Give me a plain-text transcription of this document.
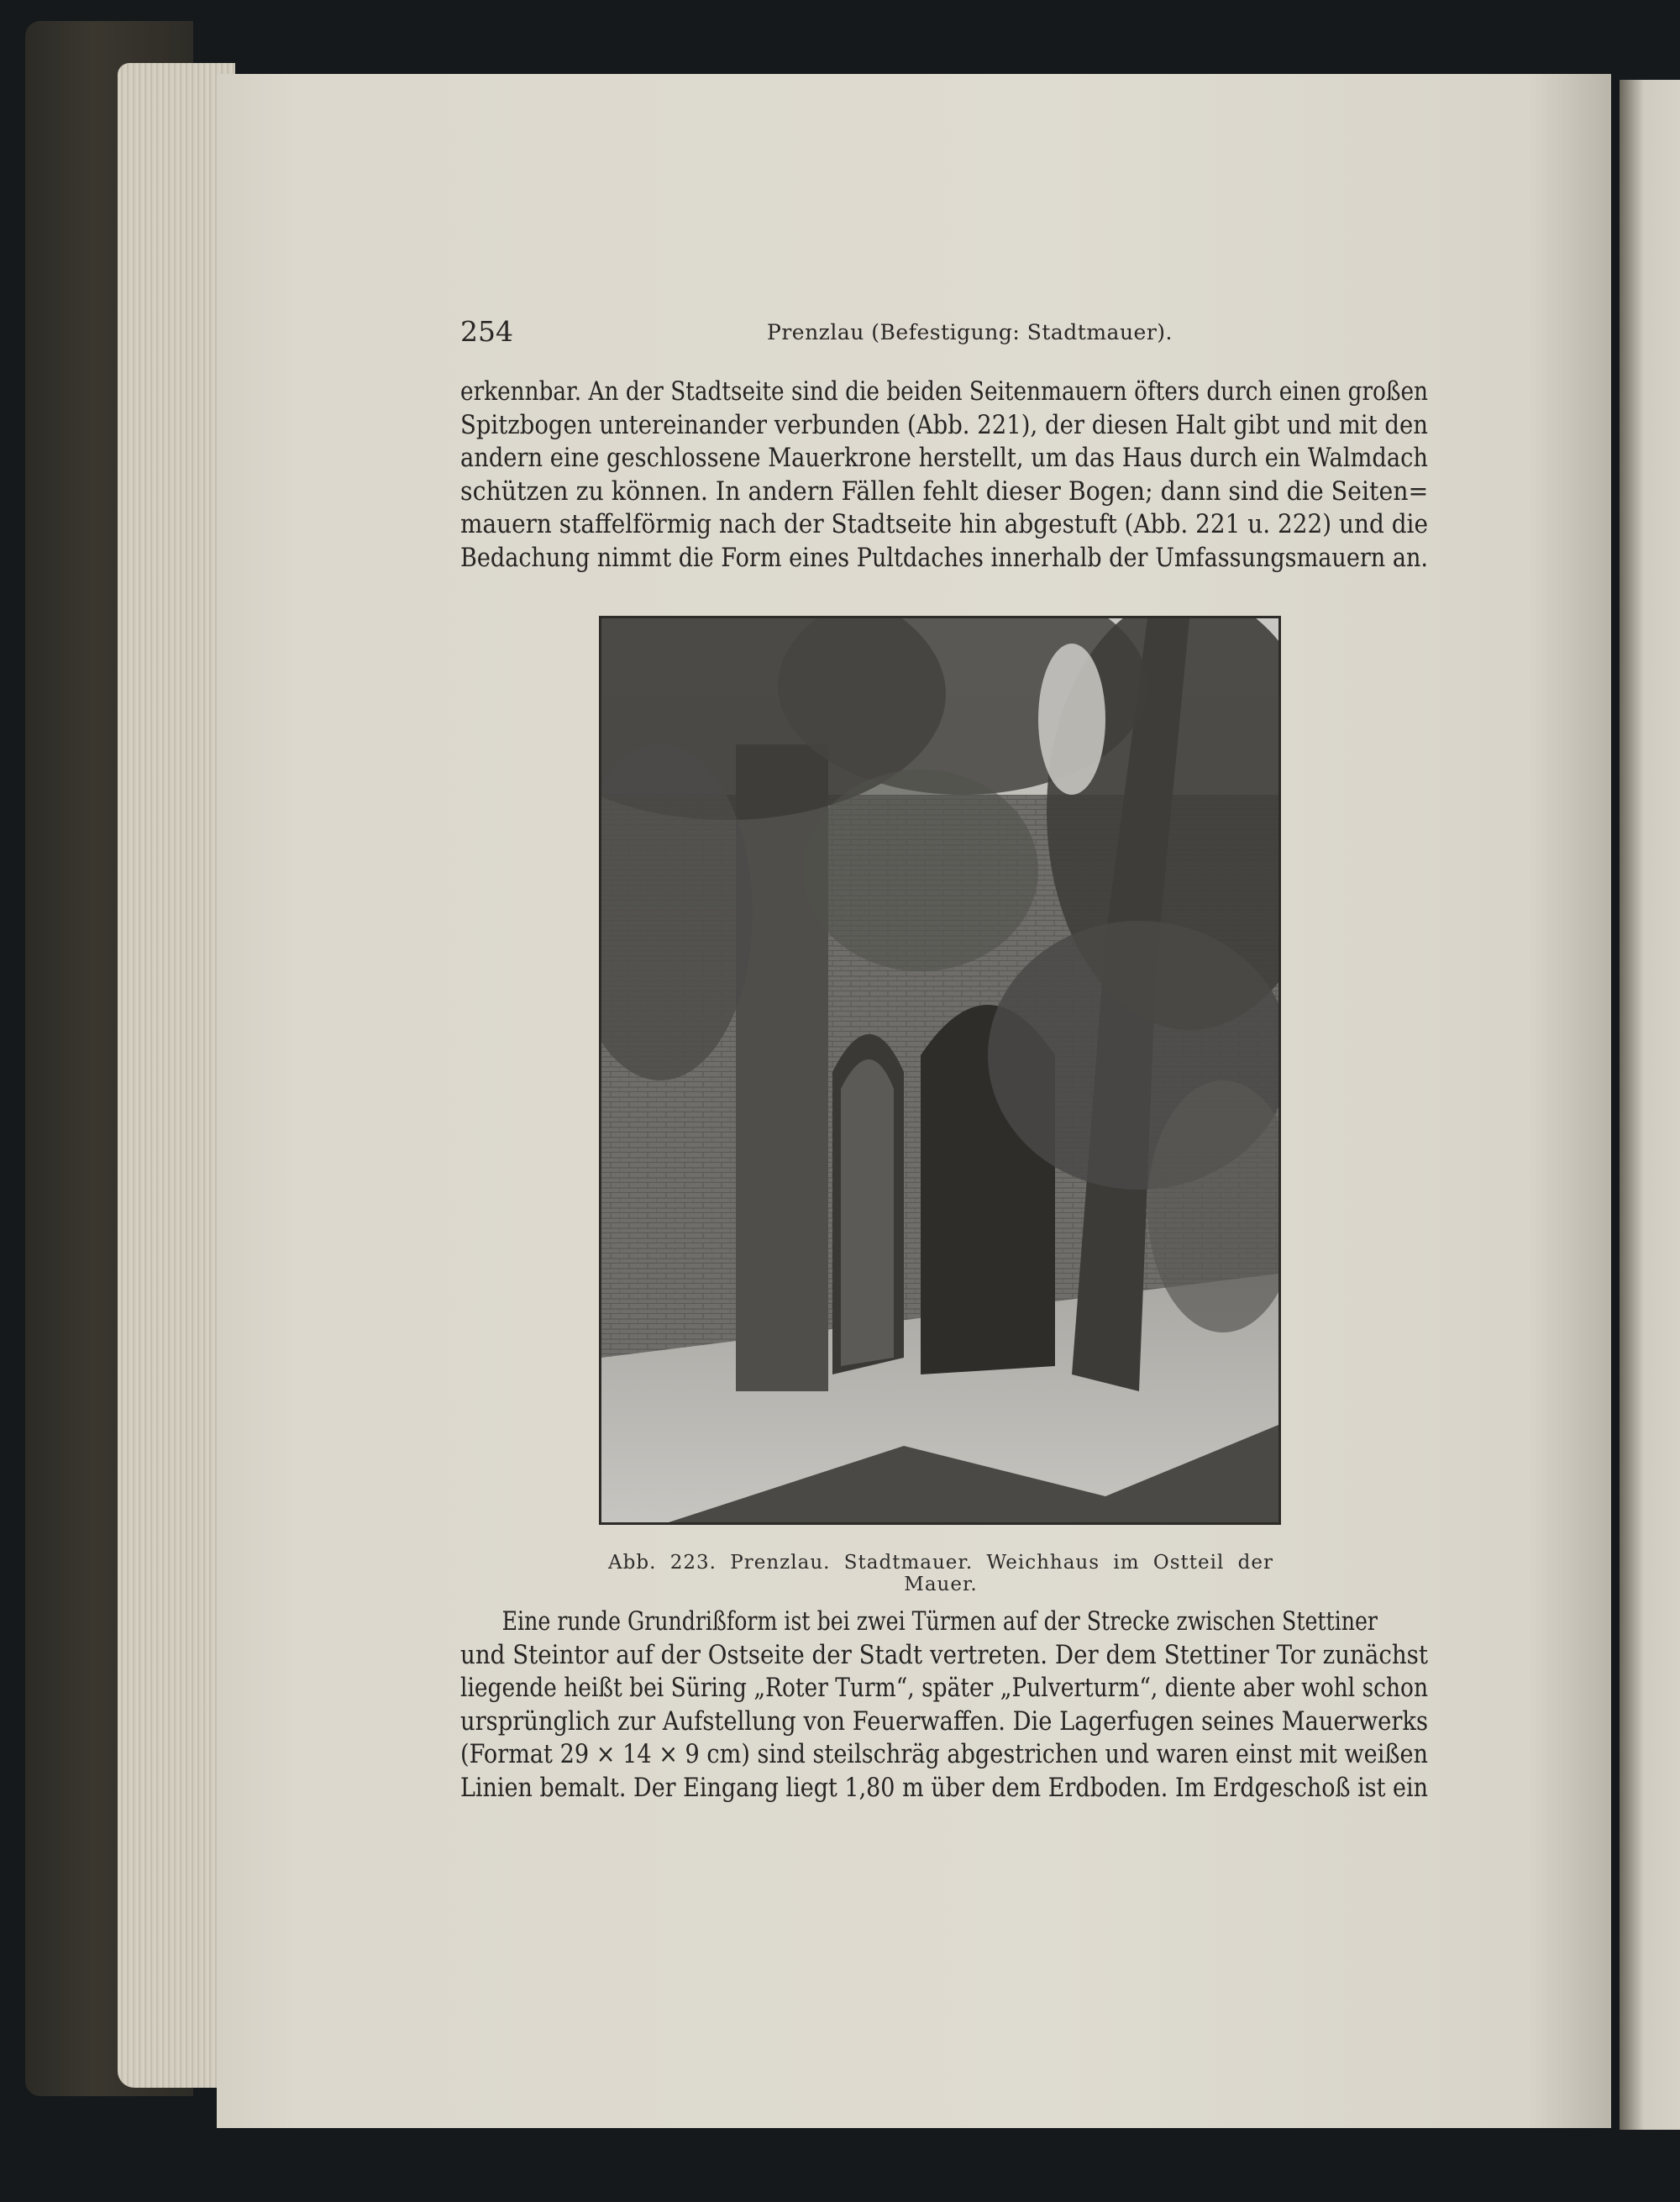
254	Prenzlau (Befestigung: Stadtmauer).

erkennbar. An der Stadtseite sind die beiden Seitenmauern öfters durch einen großen
Spitzbogen untereinander verbunden (Abb. 221), der diesen Halt gibt und mit den
andern eine geschlossene Mauerkrone herstellt, um das Haus durch ein Walmdach
schützen zu können. In andern Fällen fehlt dieser Bogen; dann sind die Seiten=
mauern staffelförmig nach der Stadtseite hin abgestuft (Abb. 221 u. 222) und die
Bedachung nimmt die Form eines Pultdaches innerhalb der Umfassungsmauern an.

Abb. 223. Prenzlau. Stadtmauer. Weichhaus im Ostteil der Mauer.

Eine runde Grundrißform ist bei zwei Türmen auf der Strecke zwischen Stettiner
und Steintor auf der Ostseite der Stadt vertreten. Der dem Stettiner Tor zunächst
liegende heißt bei Süring „Roter Turm“, später „Pulverturm“, diente aber wohl schon
ursprünglich zur Aufstellung von Feuerwaffen. Die Lagerfugen seines Mauerwerks
(Format 29 × 14 × 9 cm) sind steilschräg abgestrichen und waren einst mit weißen
Linien bemalt. Der Eingang liegt 1,80 m über dem Erdboden. Im Erdgeschoß ist ein
